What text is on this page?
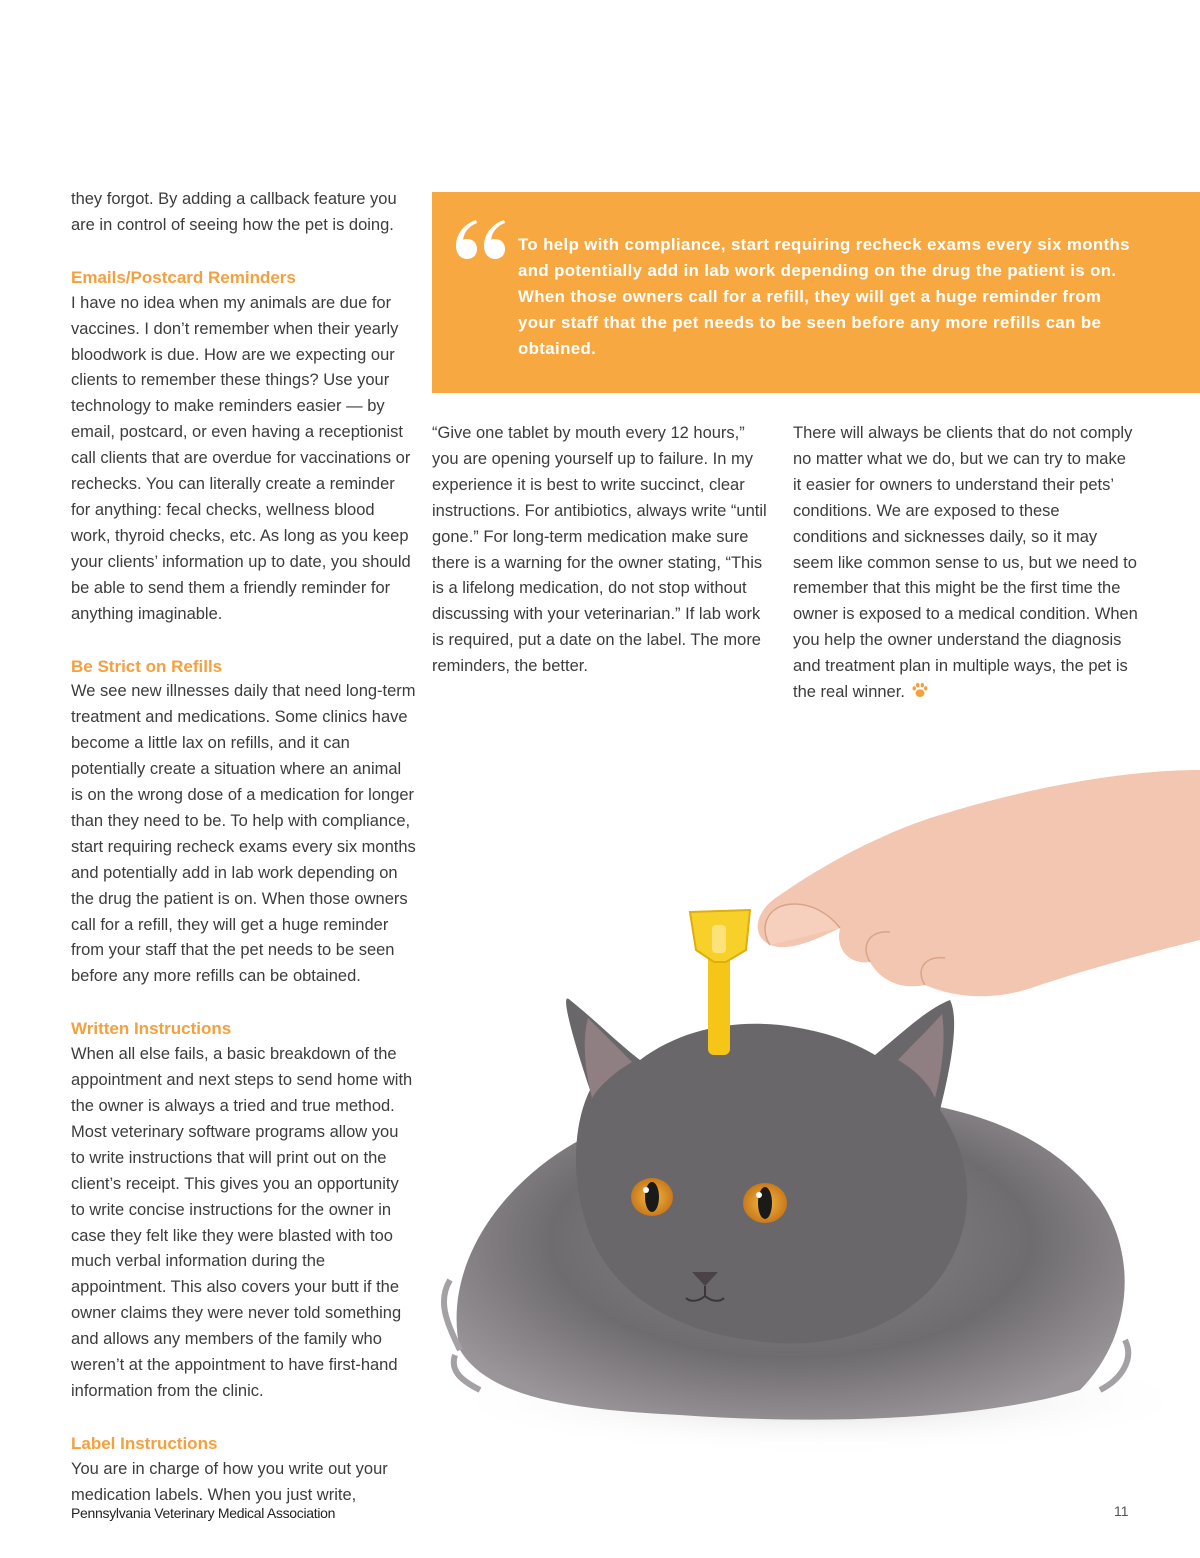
they forgot. By adding a callback feature you are in control of seeing how the pet is doing.

Emails/Postcard Reminders

I have no idea when my animals are due for vaccines. I don’t remember when their yearly bloodwork is due. How are we expecting our clients to remember these things? Use your technology to make reminders easier — by email, postcard, or even having a receptionist call clients that are overdue for vaccinations or rechecks. You can literally create a reminder for anything: fecal checks, wellness blood work, thyroid checks, etc. As long as you keep your clients’ information up to date, you should be able to send them a friendly reminder for anything imaginable.

Be Strict on Refills

We see new illnesses daily that need long-term treatment and medications. Some clinics have become a little lax on refills, and it can potentially create a situation where an animal is on the wrong dose of a medication for longer than they need to be. To help with compliance, start requiring recheck exams every six months and potentially add in lab work depending on the drug the patient is on. When those owners call for a refill, they will get a huge reminder from your staff that the pet needs to be seen before any more refills can be obtained.

Written Instructions

When all else fails, a basic breakdown of the appointment and next steps to send home with the owner is always a tried and true method. Most veterinary software programs allow you to write instructions that will print out on the client’s receipt. This gives you an opportunity to write concise instructions for the owner in case they felt like they were blasted with too much verbal information during the appointment. This also covers your butt if the owner claims they were never told something and allows any members of the family who weren’t at the appointment to have first-hand information from the clinic.

Label Instructions

You are in charge of how you write out your medication labels. When you just write,

To help with compliance, start requiring recheck exams every six months and potentially add in lab work depending on the drug the patient is on. When those owners call for a refill, they will get a huge reminder from your staff that the pet needs to be seen before any more refills can be obtained.

“Give one tablet by mouth every 12 hours,” you are opening yourself up to failure. In my experience it is best to write succinct, clear instructions. For antibiotics, always write “until gone.” For long-term medication make sure there is a warning for the owner stating, “This is a lifelong medication, do not stop without discussing with your veterinarian.” If lab work is required, put a date on the label. The more reminders, the better.

There will always be clients that do not comply no matter what we do, but we can try to make it easier for owners to understand their pets’ conditions. We are exposed to these conditions and sicknesses daily, so it may seem like common sense to us, but we need to remember that this might be the first time the owner is exposed to a medical condition. When you help the owner understand the diagnosis and treatment plan in multiple ways, the pet is the real winner.

Pennsylvania Veterinary Medical Association	11
